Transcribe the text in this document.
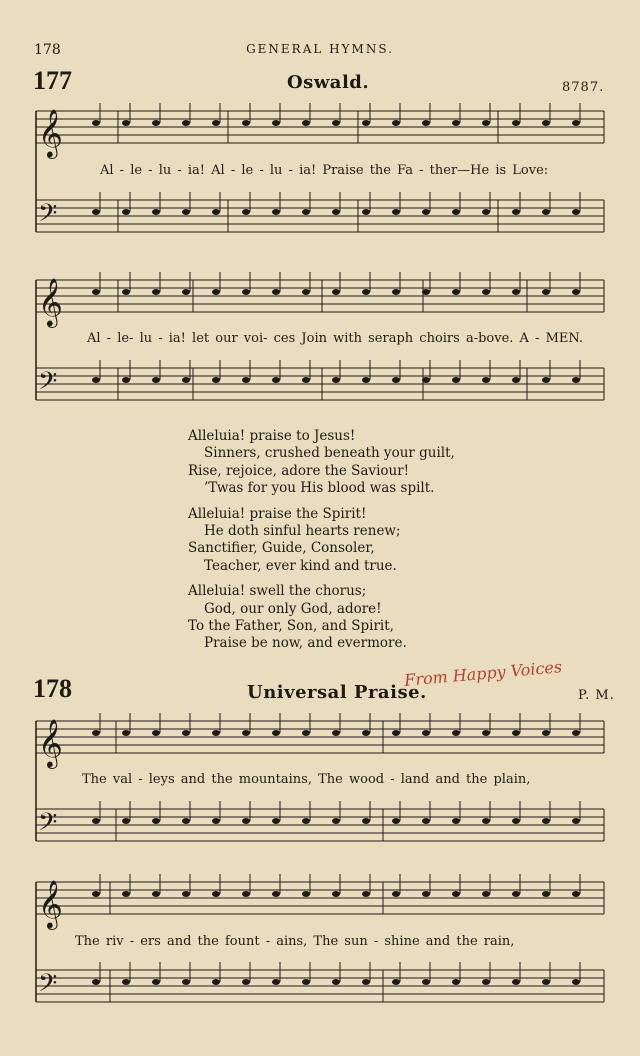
178	GENERAL HYMNS.
177	Oswald.	8787.
𝄞
𝄢
𝄞
𝄢
𝄞
𝄢
𝄞
𝄢
Al - le - lu - ia! Al - le - lu - ia! Praise the Fa - ther—He is Love:
Al - le- lu - ia! let our voi- ces Join with seraph choirs a-bove. A - MEN.

Alleluia! praise to Jesus!

Sinners, crushed beneath your guilt,

Rise, rejoice, adore the Saviour!

’Twas for you His blood was spilt.

Alleluia! praise the Spirit!

He doth sinful hearts renew;

Sanctifier, Guide, Consoler,

Teacher, ever kind and true.

Alleluia! swell the chorus;

God, our only God, adore!

To the Father, Son, and Spirit,

Praise be now, and evermore.

178	Universal Praise.
From Happy Voices
P. M.
The val - leys and the mountains, The wood - land and the plain,
The riv - ers and the fount - ains, The sun - shine and the rain,
